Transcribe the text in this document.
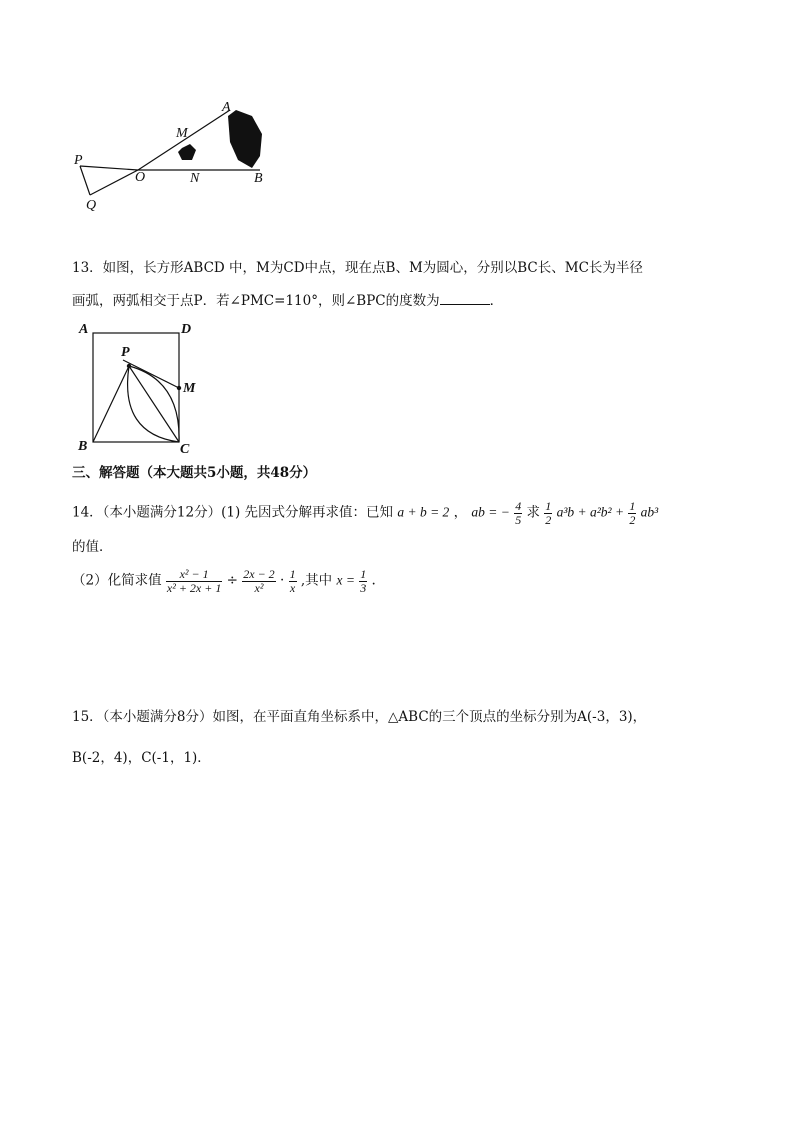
A
M
P
O	N	B
Q
13．如图，长方形ABCD 中，M为CD中点，现在点B、M为圆心，分别以BC长、MC长为半径
画弧，两弧相交于点P．若∠PMC=110°，则∠BPC的度数为	．
A	D
P
M
B	C
三、解答题（本大题共5小题，共48分）
14．（本小题满分12分）(1) 先因式分解再求值：已知 a + b = 2 ， ab = − $\frac{4}{5}$ 求 $\frac{1}{2} a^3b + a^2b^2 + \frac{1}{2} ab^3$
的值．
（2）化简求值 $\frac{\text{x² − 1}}{\text{x² + 2x + 1}} \div \frac{2x - 2}{\text{x²}} \cdot \frac{1}{x}$ ,其中 $x = \frac{1}{3}$ .
15．（本小题满分8分）如图，在平面直角坐标系中，△ABC的三个顶点的坐标分别为A(-3，3)，
B(-2，4)，C(-1，1)．
